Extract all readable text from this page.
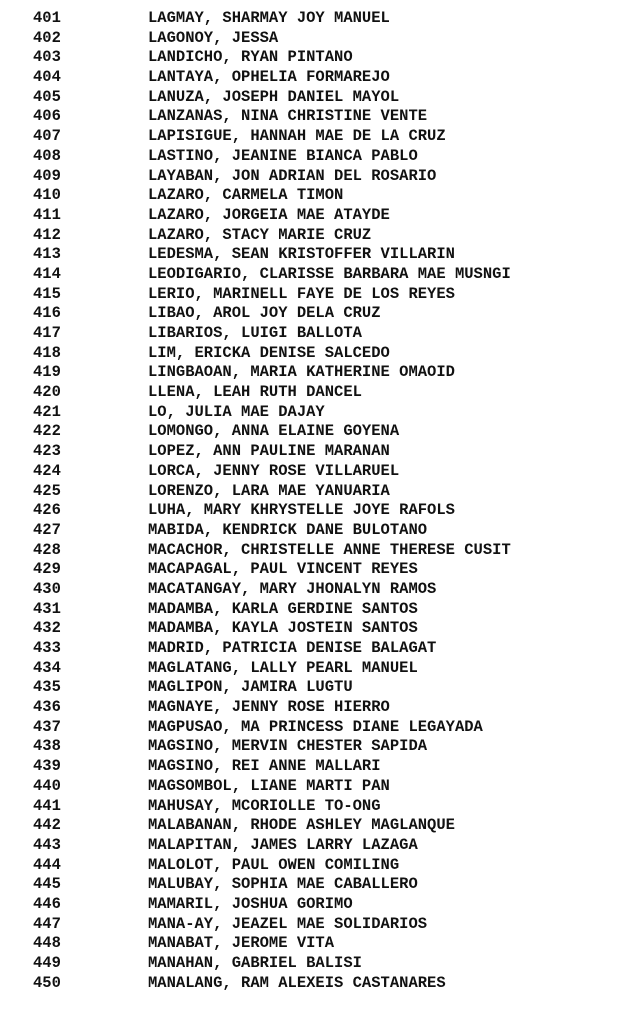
401	LAGMAY, SHARMAY JOY MANUEL
402	LAGONOY, JESSA
403	LANDICHO, RYAN PINTANO
404	LANTAYA, OPHELIA FORMAREJO
405	LANUZA, JOSEPH DANIEL MAYOL
406	LANZANAS, NINA CHRISTINE VENTE
407	LAPISIGUE, HANNAH MAE DE LA CRUZ
408	LASTINO, JEANINE BIANCA PABLO
409	LAYABAN, JON ADRIAN DEL ROSARIO
410	LAZARO, CARMELA TIMON
411	LAZARO, JORGEIA MAE ATAYDE
412	LAZARO, STACY MARIE CRUZ
413	LEDESMA, SEAN KRISTOFFER VILLARIN
414	LEODIGARIO, CLARISSE BARBARA MAE MUSNGI
415	LERIO, MARINELL FAYE DE LOS REYES
416	LIBAO, AROL JOY DELA CRUZ
417	LIBARIOS, LUIGI BALLOTA
418	LIM, ERICKA DENISE SALCEDO
419	LINGBAOAN, MARIA KATHERINE OMAOID
420	LLENA, LEAH RUTH DANCEL
421	LO, JULIA MAE DAJAY
422	LOMONGO, ANNA ELAINE GOYENA
423	LOPEZ, ANN PAULINE MARANAN
424	LORCA, JENNY ROSE VILLARUEL
425	LORENZO, LARA MAE YANUARIA
426	LUHA, MARY KHRYSTELLE JOYE RAFOLS
427	MABIDA, KENDRICK DANE BULOTANO
428	MACACHOR, CHRISTELLE ANNE THERESE CUSIT
429	MACAPAGAL, PAUL VINCENT REYES
430	MACATANGAY, MARY JHONALYN RAMOS
431	MADAMBA, KARLA GERDINE SANTOS
432	MADAMBA, KAYLA JOSTEIN SANTOS
433	MADRID, PATRICIA DENISE BALAGAT
434	MAGLATANG, LALLY PEARL MANUEL
435	MAGLIPON, JAMIRA LUGTU
436	MAGNAYE, JENNY ROSE HIERRO
437	MAGPUSAO, MA PRINCESS DIANE LEGAYADA
438	MAGSINO, MERVIN CHESTER SAPIDA
439	MAGSINO, REI ANNE MALLARI
440	MAGSOMBOL, LIANE MARTI PAN
441	MAHUSAY, MCORIOLLE TO-ONG
442	MALABANAN, RHODE ASHLEY MAGLANQUE
443	MALAPITAN, JAMES LARRY LAZAGA
444	MALOLOT, PAUL OWEN COMILING
445	MALUBAY, SOPHIA MAE CABALLERO
446	MAMARIL, JOSHUA GORIMO
447	MANA-AY, JEAZEL MAE SOLIDARIOS
448	MANABAT, JEROME VITA
449	MANAHAN, GABRIEL BALISI
450	MANALANG, RAM ALEXEIS CASTANARES
